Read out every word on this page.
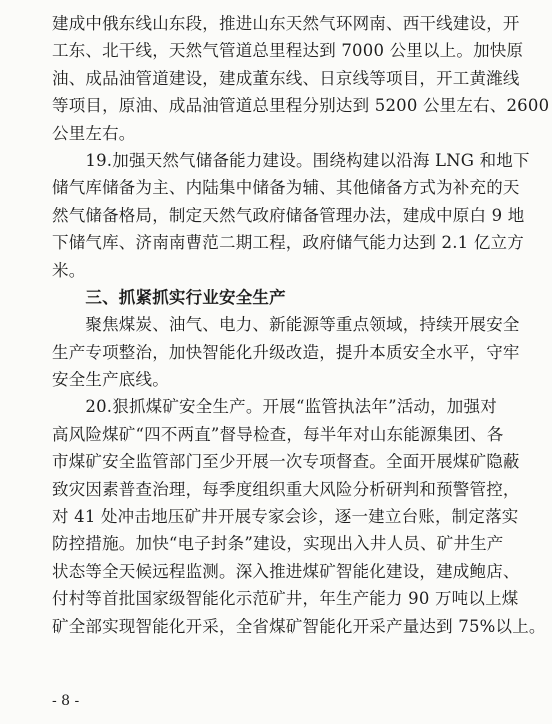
建成中俄东线山东段，推进山东天然气环网南、西干线建设，开
工东、北干线，天然气管道总里程达到 7000 公里以上。加快原
油、成品油管道建设，建成董东线、日京线等项目，开工黄潍线
等项目，原油、成品油管道总里程分别达到 5200 公里左右、2600
公里左右。
　　19.加强天然气储备能力建设。围绕构建以沿海 LNG 和地下
储气库储备为主、内陆集中储备为辅、其他储备方式为补充的天
然气储备格局，制定天然气政府储备管理办法，建成中原白 9 地
下储气库、济南南曹范二期工程，政府储气能力达到 2.1 亿立方
米。
　　三、抓紧抓实行业安全生产
　　聚焦煤炭、油气、电力、新能源等重点领域，持续开展安全
生产专项整治，加快智能化升级改造，提升本质安全水平，守牢
安全生产底线。
　　20.狠抓煤矿安全生产。开展“监管执法年”活动，加强对
高风险煤矿“四不两直”督导检查，每半年对山东能源集团、各
市煤矿安全监管部门至少开展一次专项督查。全面开展煤矿隐蔽
致灾因素普查治理，每季度组织重大风险分析研判和预警管控，
对 41 处冲击地压矿井开展专家会诊，逐一建立台账，制定落实
防控措施。加快“电子封条”建设，实现出入井人员、矿井生产
状态等全天候远程监测。深入推进煤矿智能化建设，建成鲍店、
付村等首批国家级智能化示范矿井，年生产能力 90 万吨以上煤
矿全部实现智能化开采，全省煤矿智能化开采产量达到 75%以上。
- 8 -
